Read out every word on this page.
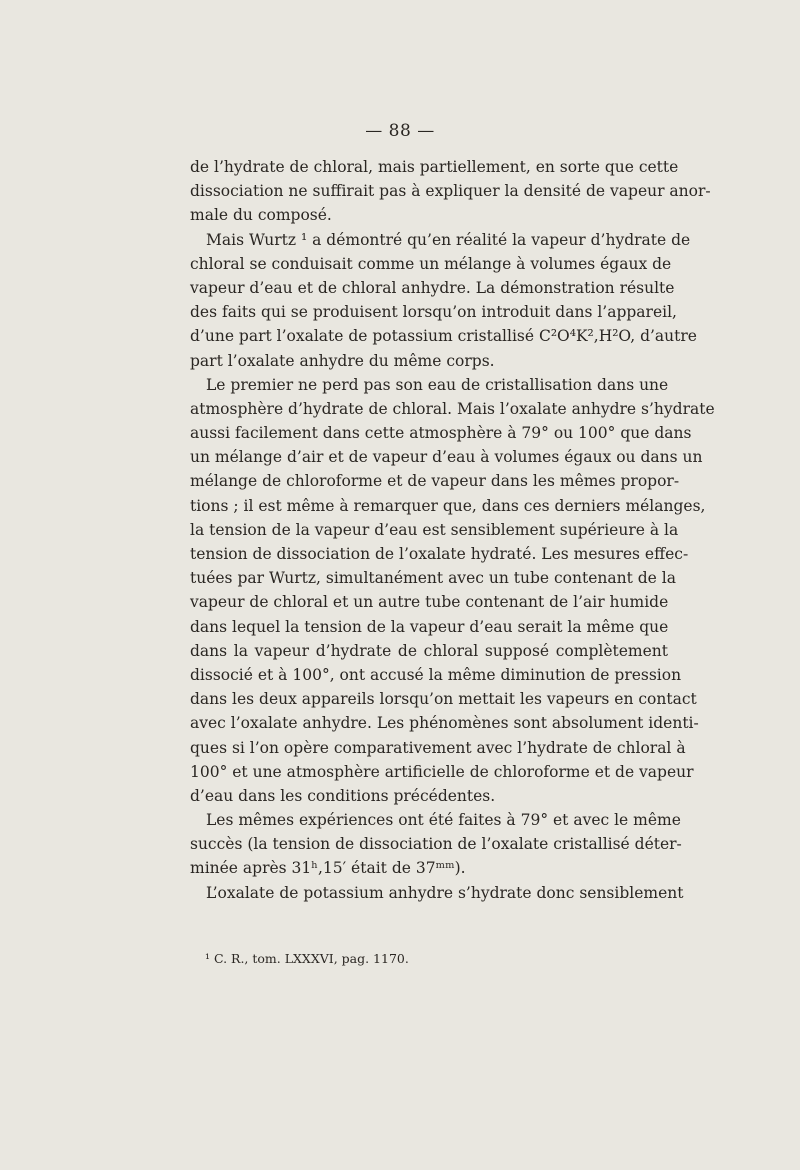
— 88 —
de l’hydrate de chloral, mais partiellement, en sorte que cette
dissociation ne suffirait pas à expliquer la densité de vapeur anor-
male du composé.
Mais Wurtz ¹ a démontré qu’en réalité la vapeur d’hydrate de
chloral se conduisait comme un mélange à volumes égaux de
vapeur d’eau et de chloral anhydre. La démonstration résulte
des faits qui se produisent lorsqu’on introduit dans l’appareil,
d’une part l’oxalate de potassium cristallisé C²O⁴K²,H²O, d’autre
part l’oxalate anhydre du même corps.
Le premier ne perd pas son eau de cristallisation dans une
atmosphère d’hydrate de chloral. Mais l’oxalate anhydre s’hydrate
aussi facilement dans cette atmosphère à 79° ou 100° que dans
un mélange d’air et de vapeur d’eau à volumes égaux ou dans un
mélange de chloroforme et de vapeur dans les mêmes propor-
tions ; il est même à remarquer que, dans ces derniers mélanges,
la tension de la vapeur d’eau est sensiblement supérieure à la
tension de dissociation de l’oxalate hydraté. Les mesures effec-
tuées par Wurtz, simultanément avec un tube contenant de la
vapeur de chloral et un autre tube contenant de l’air humide
dans lequel la tension de la vapeur d’eau serait la même que
dans la vapeur d’hydrate de chloral supposé complètement
dissocié et à 100°, ont accusé la même diminution de pression
dans les deux appareils lorsqu’on mettait les vapeurs en contact
avec l’oxalate anhydre. Les phénomènes sont absolument identi-
ques si l’on opère comparativement avec l’hydrate de chloral à
100° et une atmosphère artificielle de chloroforme et de vapeur
d’eau dans les conditions précédentes.
Les mêmes expériences ont été faites à 79° et avec le même
succès (la tension de dissociation de l’oxalate cristallisé déter-
minée après 31ʰ,15′ était de 37ᵐᵐ).
L’oxalate de potassium anhydre s’hydrate donc sensiblement
¹ C. R., tom. LXXXVI, pag. 1170.
